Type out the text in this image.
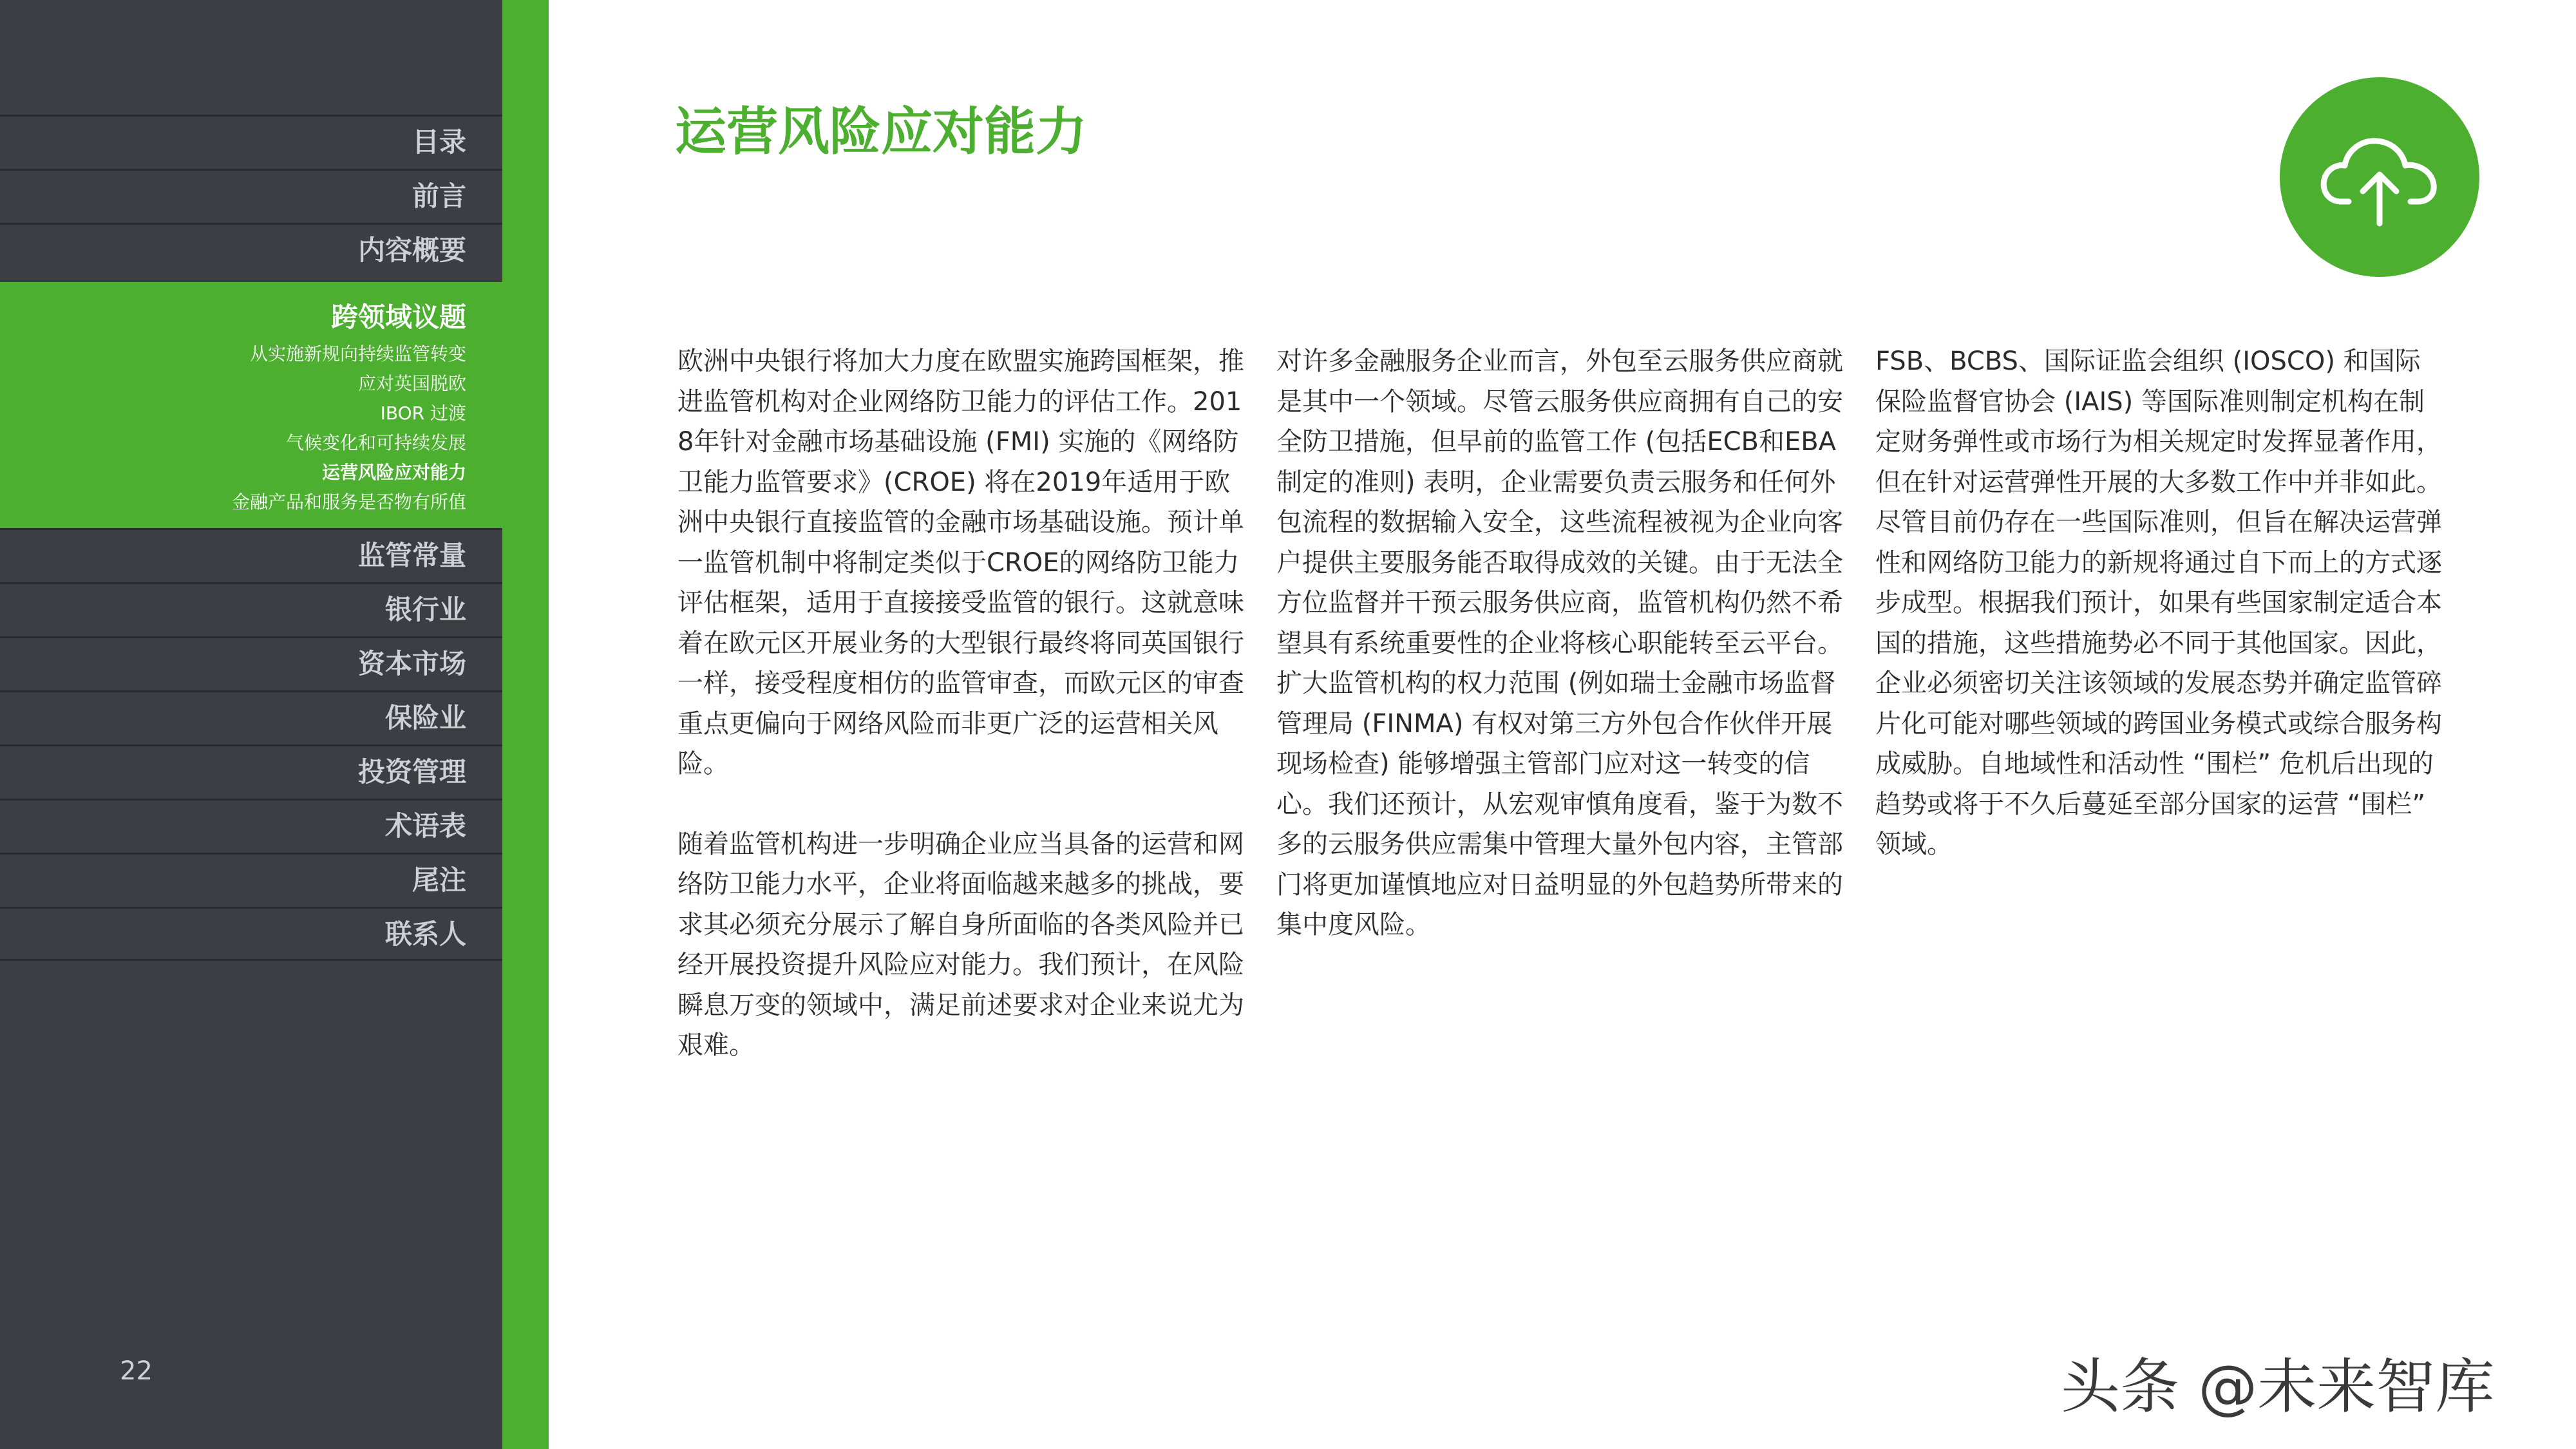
目录
前言
内容概要
跨领域议题
从实施新规向持续监管转变
应对英国脱欧
IBOR 过渡
气候变化和可持续发展
运营风险应对能力
金融产品和服务是否物有所值
监管常量
银行业
资本市场
保险业
投资管理
术语表
尾注
联系人
22
运营风险应对能力

欧洲中央银行将加大力度在欧盟实施跨国框架，推进监管机构对企业网络防卫能力的评估工作。2018年针对金融市场基础设施 (FMI) 实施的《网络防卫能力监管要求》(CROE) 将在2019年适用于欧洲中央银行直接监管的金融市场基础设施。预计单一监管机制中将制定类似于CROE的网络防卫能力评估框架，适用于直接接受监管的银行。这就意味着在欧元区开展业务的大型银行最终将同英国银行一样，接受程度相仿的监管审查，而欧元区的审查重点更偏向于网络风险而非更广泛的运营相关风险。

随着监管机构进一步明确企业应当具备的运营和网络防卫能力水平，企业将面临越来越多的挑战，要求其必须充分展示了解自身所面临的各类风险并已经开展投资提升风险应对能力。我们预计，在风险瞬息万变的领域中，满足前述要求对企业来说尤为艰难。

对许多金融服务企业而言，外包至云服务供应商就是其中一个领域。尽管云服务供应商拥有自己的安全防卫措施，但早前的监管工作 (包括ECB和EBA制定的准则) 表明，企业需要负责云服务和任何外包流程的数据输入安全，这些流程被视为企业向客户提供主要服务能否取得成效的关键。由于无法全方位监督并干预云服务供应商，监管机构仍然不希望具有系统重要性的企业将核心职能转至云平台。扩大监管机构的权力范围 (例如瑞士金融市场监督管理局 (FINMA) 有权对第三方外包合作伙伴开展现场检查) 能够增强主管部门应对这一转变的信心。我们还预计，从宏观审慎角度看，鉴于为数不多的云服务供应需集中管理大量外包内容，主管部门将更加谨慎地应对日益明显的外包趋势所带来的集中度风险。

FSB、BCBS、国际证监会组织 (IOSCO) 和国际保险监督官协会 (IAIS) 等国际准则制定机构在制定财务弹性或市场行为相关规定时发挥显著作用，但在针对运营弹性开展的大多数工作中并非如此。尽管目前仍存在一些国际准则，但旨在解决运营弹性和网络防卫能力的新规将通过自下而上的方式逐步成型。根据我们预计，如果有些国家制定适合本国的措施，这些措施势必不同于其他国家。因此，企业必须密切关注该领域的发展态势并确定监管碎片化可能对哪些领域的跨国业务模式或综合服务构成威胁。自地域性和活动性 “围栏” 危机后出现的趋势或将于不久后蔓延至部分国家的运营 “围栏” 领域。

头条 @未来智库
